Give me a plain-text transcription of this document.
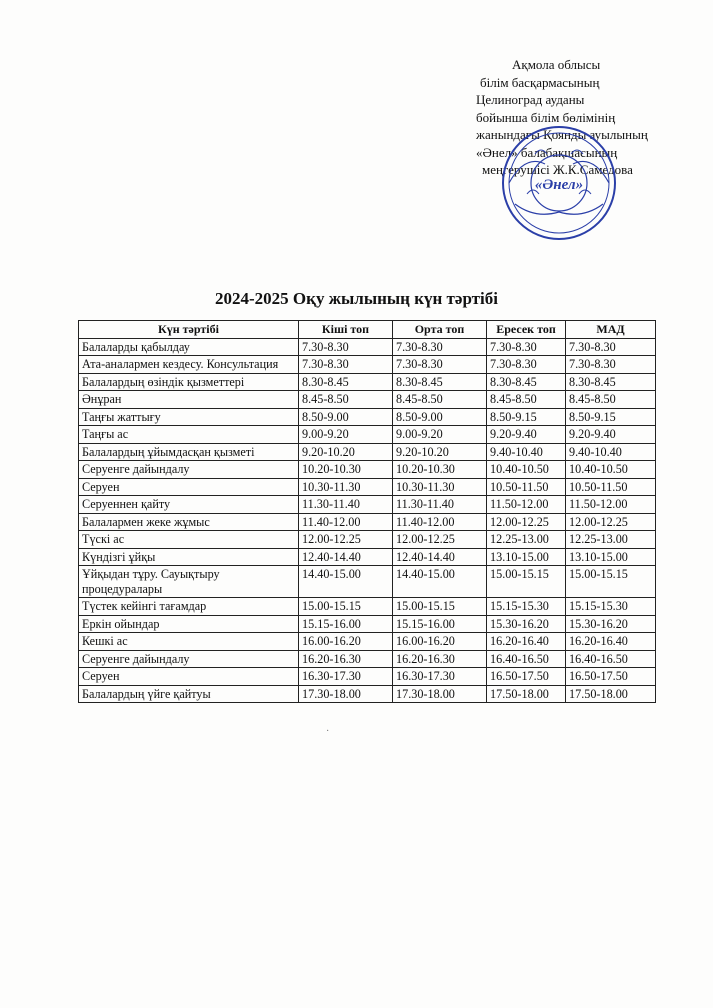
Ақмола облысы
білім басқармасының
Целиноград ауданы
бойынша білім бөлімінің
жанындағы Қоянды ауылының
«Әнел» балабақшасының
меңгерушісі Ж.К.Самедова
«Әнел»
2024-2025 Оқу жылының күн тәртібі
Күн тәртібі	Кіші топ	Орта топ	Ересек топ	МАД
Балаларды қабылдау	7.30-8.30	7.30-8.30	7.30-8.30	7.30-8.30
Ата-аналармен кездесу. Консультация	7.30-8.30	7.30-8.30	7.30-8.30	7.30-8.30
Балалардың өзіндік қызметтері	8.30-8.45	8.30-8.45	8.30-8.45	8.30-8.45
Әнұран	8.45-8.50	8.45-8.50	8.45-8.50	8.45-8.50
Таңғы жаттығу	8.50-9.00	8.50-9.00	8.50-9.15	8.50-9.15
Таңғы ас	9.00-9.20	9.00-9.20	9.20-9.40	9.20-9.40
Балалардың ұйымдасқан қызметі	9.20-10.20	9.20-10.20	9.40-10.40	9.40-10.40
Серуенге дайындалу	10.20-10.30	10.20-10.30	10.40-10.50	10.40-10.50
Серуен	10.30-11.30	10.30-11.30	10.50-11.50	10.50-11.50
Серуеннен қайту	11.30-11.40	11.30-11.40	11.50-12.00	11.50-12.00
Балалармен жеке жұмыс	11.40-12.00	11.40-12.00	12.00-12.25	12.00-12.25
Түскі ас	12.00-12.25	12.00-12.25	12.25-13.00	12.25-13.00
Күндізгі ұйқы	12.40-14.40	12.40-14.40	13.10-15.00	13.10-15.00
Ұйқыдан тұру. Сауықтыру процедуралары	14.40-15.00	14.40-15.00	15.00-15.15	15.00-15.15
Түстек кейінгі тағамдар	15.00-15.15	15.00-15.15	15.15-15.30	15.15-15.30
Еркін ойындар	15.15-16.00	15.15-16.00	15.30-16.20	15.30-16.20
Кешкі ас	16.00-16.20	16.00-16.20	16.20-16.40	16.20-16.40
Серуенге дайындалу	16.20-16.30	16.20-16.30	16.40-16.50	16.40-16.50
Серуен	16.30-17.30	16.30-17.30	16.50-17.50	16.50-17.50
Балалардың үйге қайтуы	17.30-18.00	17.30-18.00	17.50-18.00	17.50-18.00
·
